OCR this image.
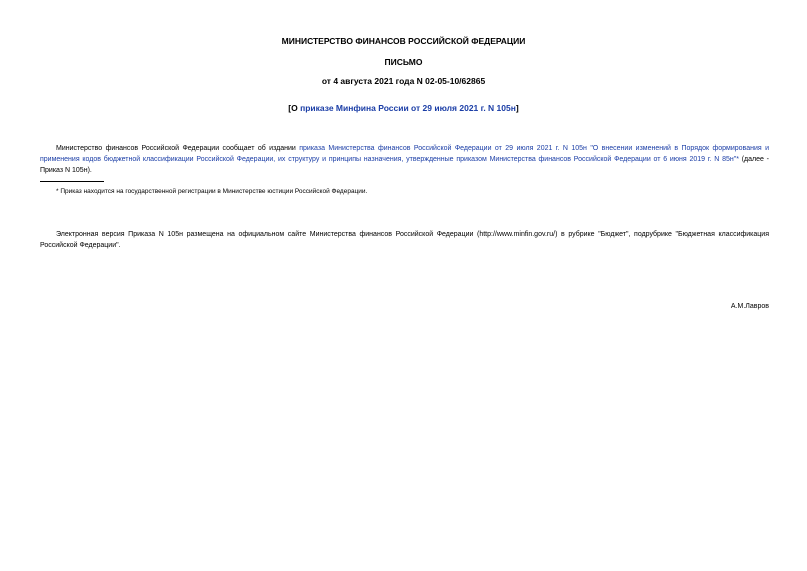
МИНИСТЕРСТВО ФИНАНСОВ РОССИЙСКОЙ ФЕДЕРАЦИИ
ПИСЬМО
от 4 августа 2021 года N 02-05-10/62865
[О приказе Минфина России от 29 июля 2021 г. N 105н]
Министерство финансов Российской Федерации сообщает об издании приказа Министерства финансов Российской Федерации от 29 июля 2021 г. N 105н "О внесении изменений в Порядок формирования и применения кодов бюджетной классификации Российской Федерации, их структуру и принципы назначения, утвержденные приказом Министерства финансов Российской Федерации от 6 июня 2019 г. N 85н"* (далее - Приказ N 105н).
* Приказ находится на государственной регистрации в Министерстве юстиции Российской Федерации.
Электронная версия Приказа N 105н размещена на официальном сайте Министерства финансов Российской Федерации (http://www.minfin.gov.ru/) в рубрике "Бюджет", подрубрике "Бюджетная классификация Российской Федерации".
А.М.Лавров
